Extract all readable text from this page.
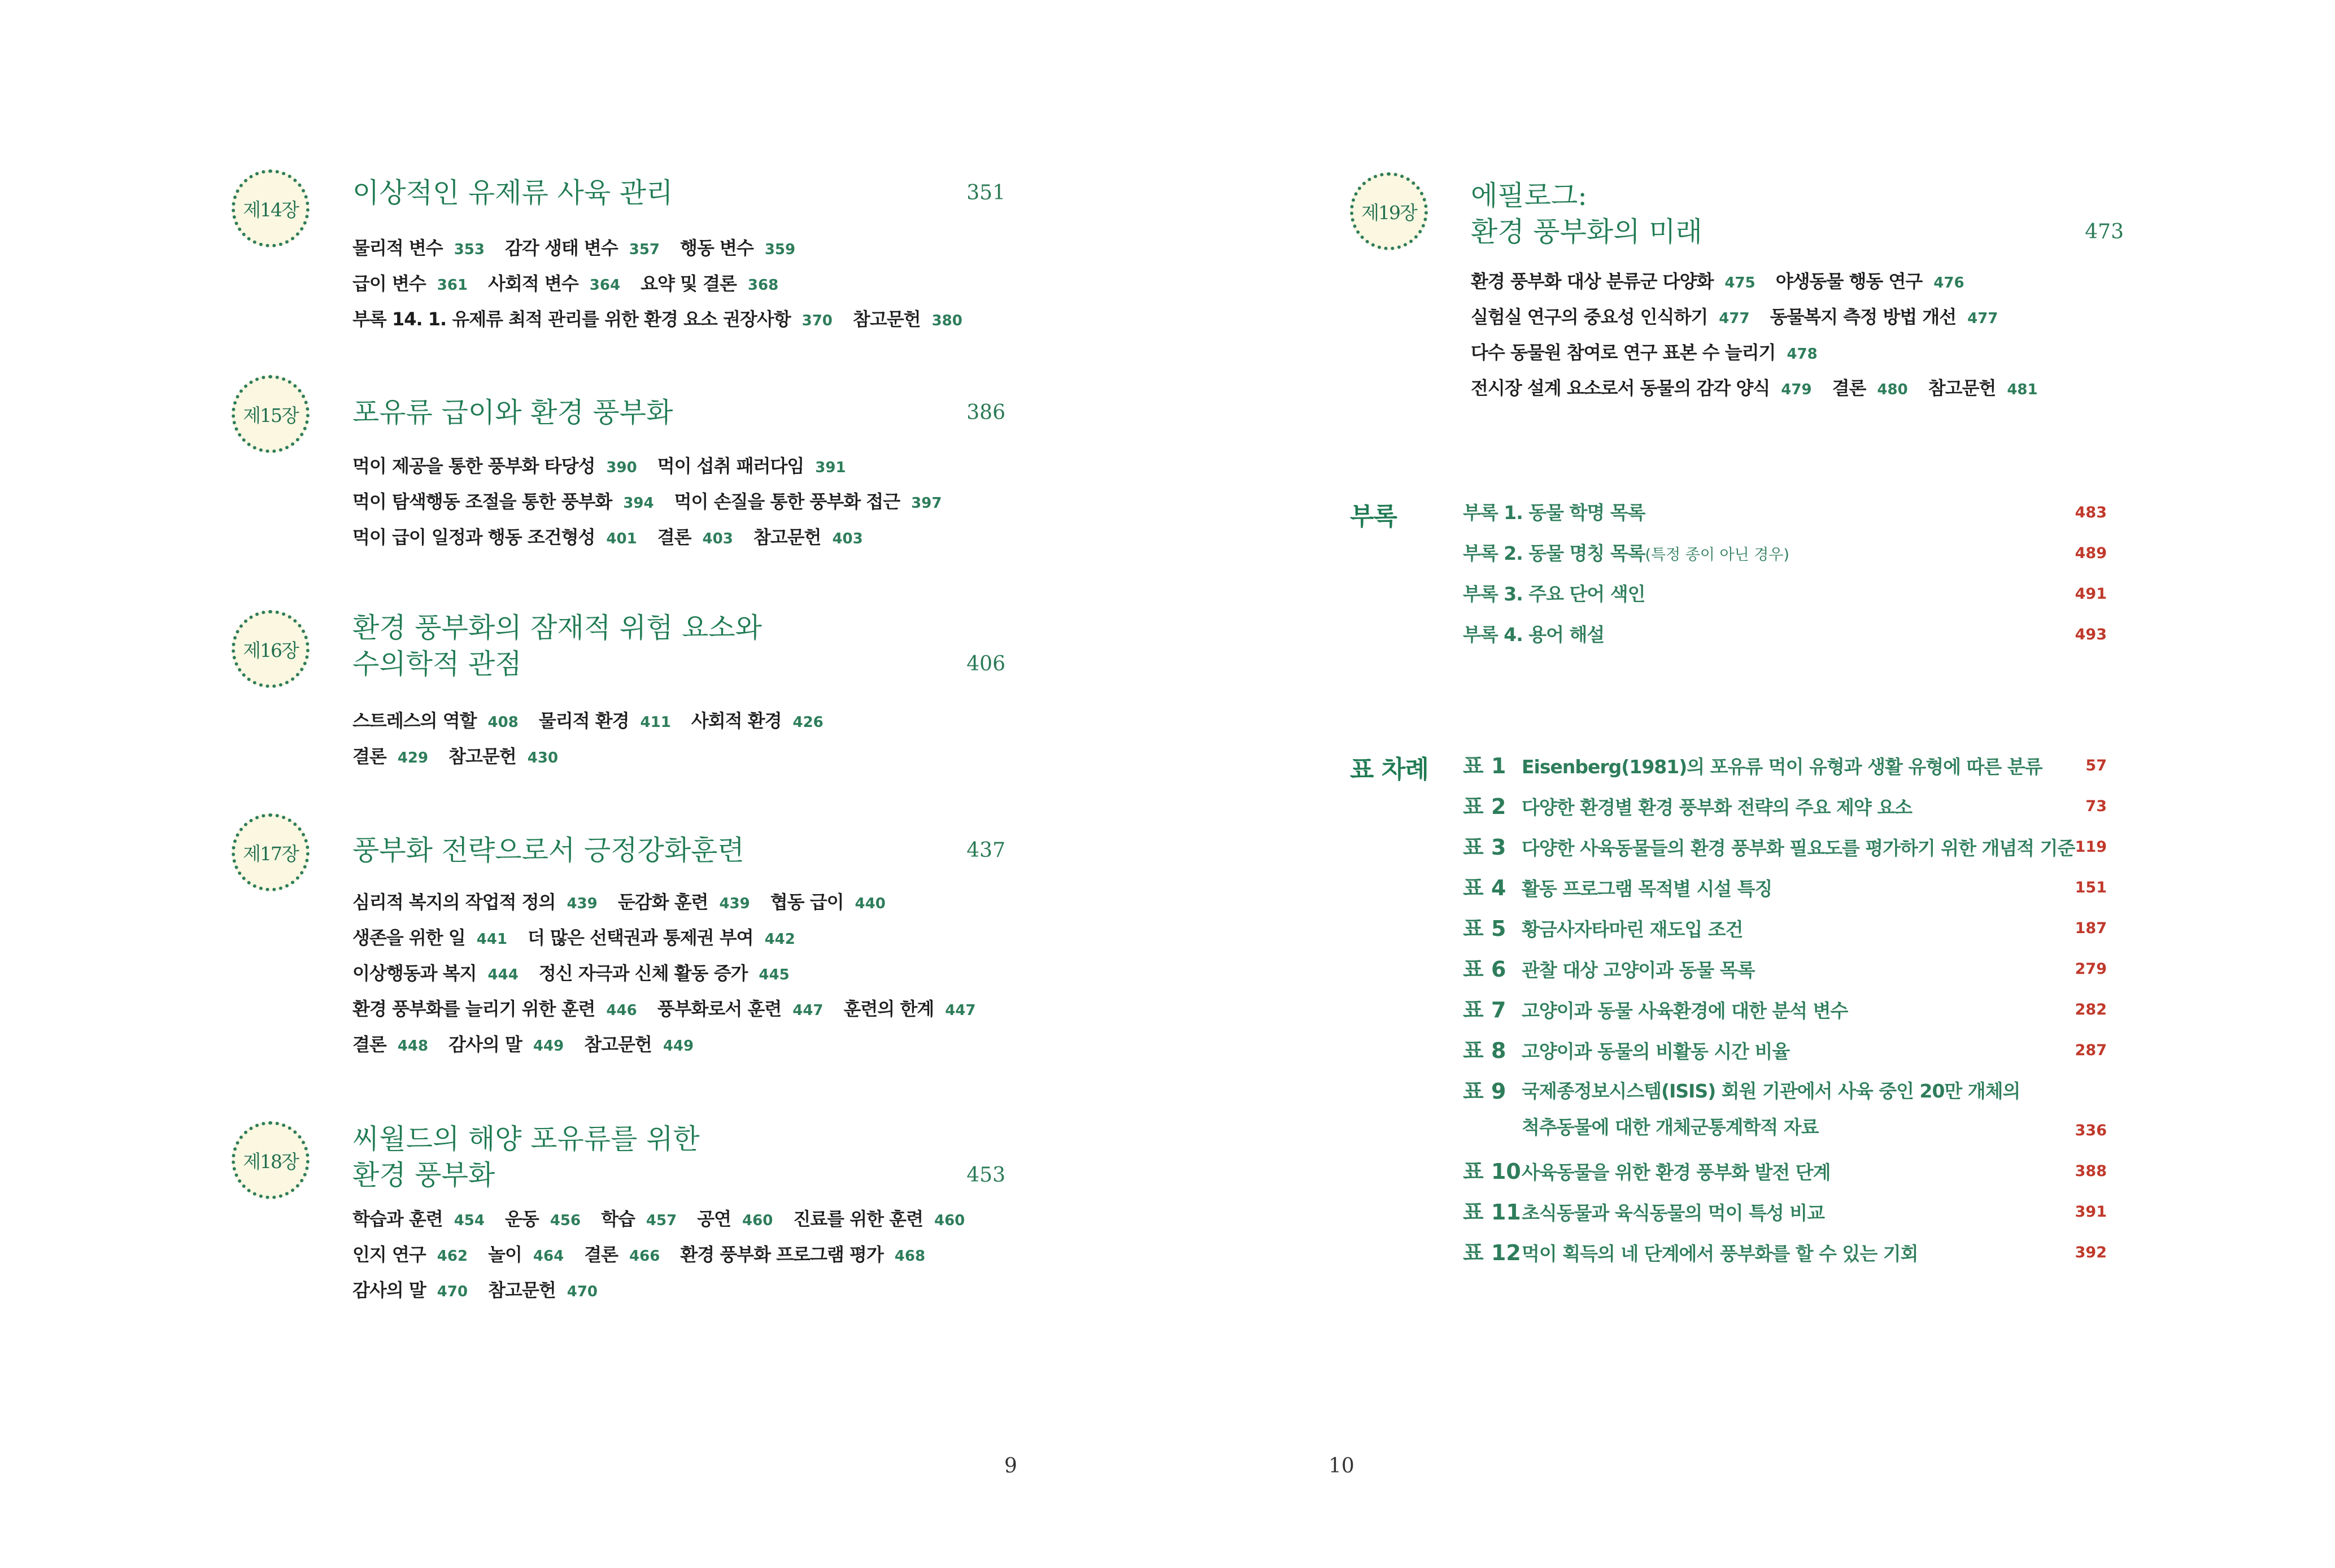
제14장
이상적인 유제류 사육 관리	351
물리적 변수 353 감각 생태 변수 357 행동 변수 359
급이 변수 361 사회적 변수 364 요약 및 결론 368
부록 14. 1. 유제류 최적 관리를 위한 환경 요소 권장사항 370 참고문헌 380
제15장	포유류 급이와 환경 풍부화	386
먹이 제공을 통한 풍부화 타당성 390 먹이 섭취 패러다임 391
먹이 탐색행동 조절을 통한 풍부화 394 먹이 손질을 통한 풍부화 접근 397
먹이 급이 일정과 행동 조건형성 401 결론 403 참고문헌 403
제16장
환경 풍부화의 잠재적 위험 요소와
수의학적 관점	406
스트레스의 역할 408 물리적 환경 411 사회적 환경 426
결론 429 참고문헌 430
제17장	풍부화 전략으로서 긍정강화훈련	437
심리적 복지의 작업적 정의 439 둔감화 훈련 439 협동 급이 440
생존을 위한 일 441 더 많은 선택권과 통제권 부여 442
이상행동과 복지 444 정신 자극과 신체 활동 증가 445
환경 풍부화를 늘리기 위한 훈련 446 풍부화로서 훈련 447 훈련의 한계 447
결론 448 감사의 말 449 참고문헌 449
제18장
씨월드의 해양 포유류를 위한
환경 풍부화	453
학습과 훈련 454 운동 456 학습 457 공연 460 진료를 위한 훈련 460
인지 연구 462 놀이 464 결론 466 환경 풍부화 프로그램 평가 468
감사의 말 470 참고문헌 470
제19장
에필로그:
환경 풍부화의 미래	473
환경 풍부화 대상 분류군 다양화 475 야생동물 행동 연구 476
실험실 연구의 중요성 인식하기 477 동물복지 측정 방법 개선 477
다수 동물원 참여로 연구 표본 수 늘리기 478
전시장 설계 요소로서 동물의 감각 양식 479 결론 480 참고문헌 481
부록	부록 1. 동물 학명 목록	483
부록 2. 동물 명칭 목록(특정 종이 아닌 경우)	489
부록 3. 주요 단어 색인	491
부록 4. 용어 해설	493
표 차례 표 1 Eisenberg(1981)의 포유류 먹이 유형과 생활 유형에 따른 분류	57
표 2 다양한 환경별 환경 풍부화 전략의 주요 제약 요소	73
표 3 다양한 사육동물들의 환경 풍부화 필요도를 평가하기 위한 개념적 기준 119
표 4 활동 프로그램 목적별 시설 특징	151
표 5 황금사자타마린 재도입 조건	187
표 6 관찰 대상 고양이과 동물 목록	279
표 7 고양이과 동물 사육환경에 대한 분석 변수	282
표 8 고양이과 동물의 비활동 시간 비율	287
표 9 국제종정보시스템(ISIS) 회원 기관에서 사육 중인 20만 개체의
척추동물에 대한 개체군통계학적 자료	336
표 10사육동물을 위한 환경 풍부화 발전 단계	388
표 11초식동물과 육식동물의 먹이 특성 비교	391
표 12먹이 획득의 네 단계에서 풍부화를 할 수 있는 기회	392
9	10
